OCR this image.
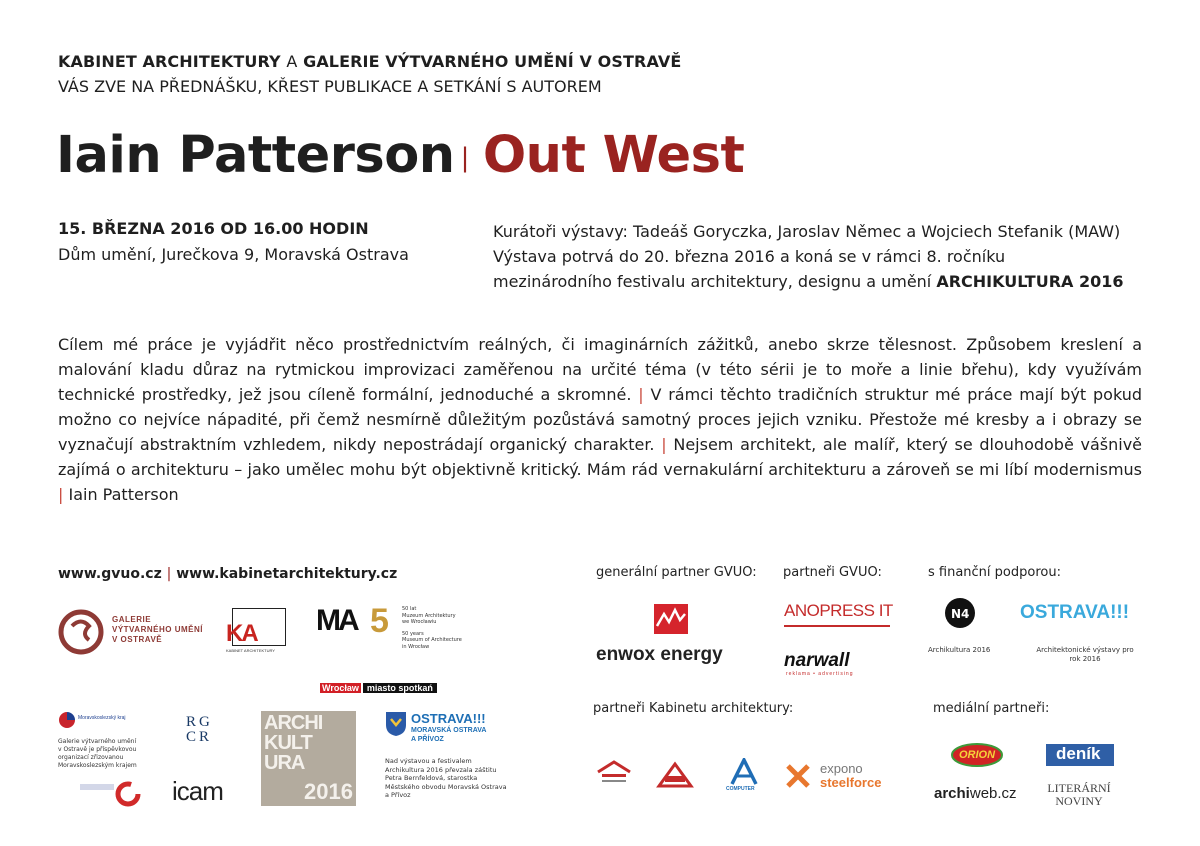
KABINET ARCHITEKTURY A GALERIE VÝTVARNÉHO UMĚNÍ V OSTRAVĚ
VÁS ZVE NA PŘEDNÁŠKU, KŘEST PUBLIKACE A SETKÁNÍ S AUTOREM
Iain Patterson | Out West
15. BŘEZNA 2016 OD 16.00 HODIN
Dům umění, Jurečkova 9, Moravská Ostrava
Kurátoři výstavy: Tadeáš Goryczka, Jaroslav Němec a Wojciech Stefanik (MAW)
Výstava potrvá do 20. března 2016 a koná se v rámci 8. ročníku
mezinárodního festivalu architektury, designu a umění ARCHIKULTURA 2016
Cílem mé práce je vyjádřit něco prostřednictvím reálných, či imaginárních zážitků, anebo skrze tělesnost. Způsobem kreslení a malování kladu důraz na rytmickou improvizaci zaměřenou na určité téma (v této sérii je to moře a linie břehu), kdy využívám technické prostředky, jež jsou cíleně formální, jednoduché a skromné. | V rámci těchto tradičních struktur mé práce mají být pokud možno co nejvíce nápadité, při čemž nesmírně důležitým pozůstává samotný proces jejich vzniku. Přestože mé kresby a i obrazy se vyznačují abstraktním vzhledem, nikdy nepostrádají organický charakter. | Nejsem architekt, ale malíř, který se dlouhodobě vášnivě zajímá o architekturu – jako umělec mohu být objektivně kritický. Mám rád vernakulární architekturu a zároveň se mi líbí modernismus | Iain Patterson
www.gvuo.cz | www.kabinetarchitektury.cz	generální partner GVUO: partneři GVUO:	s finanční podporou:
partneři Kabinetu architektury:	mediální partneři:
GALERIE
VÝTVARNÉHO UMĚNÍ
V OSTRAVĚ	KA
KABINET ARCHITEKTURY
MA 5	50 lat
Muzeum Architektury
we Wrocławiu
50 years
Museum of Architecture
in Wrocław
Wrocław miasto spotkań
Moravskoslezský kraj
Galerie výtvarného umění v Ostravě je příspěvkovou organizací zřizovanou Moravskoslezským krajem
RG
CR
icam
ARCHI
KULT
URA
2016
OSTRAVA!!!
MORAVSKÁ OSTRAVA
A PŘÍVOZ
Nad výstavou a festivalem Archikultura 2016 převzala záštitu Petra Bernfeldová, starostka Městského obvodu Moravská Ostrava a Přívoz
enwox energy
ANOPRESS IT
narwall
reklama • advertising
N4
Archikultura 2016
OSTRAVA!!!
Architektonické výstavy pro rok 2016
COMPUTER
expono
steelforce
ORION	deník
archiweb.cz	LITERÁRNÍ
NOVINY
